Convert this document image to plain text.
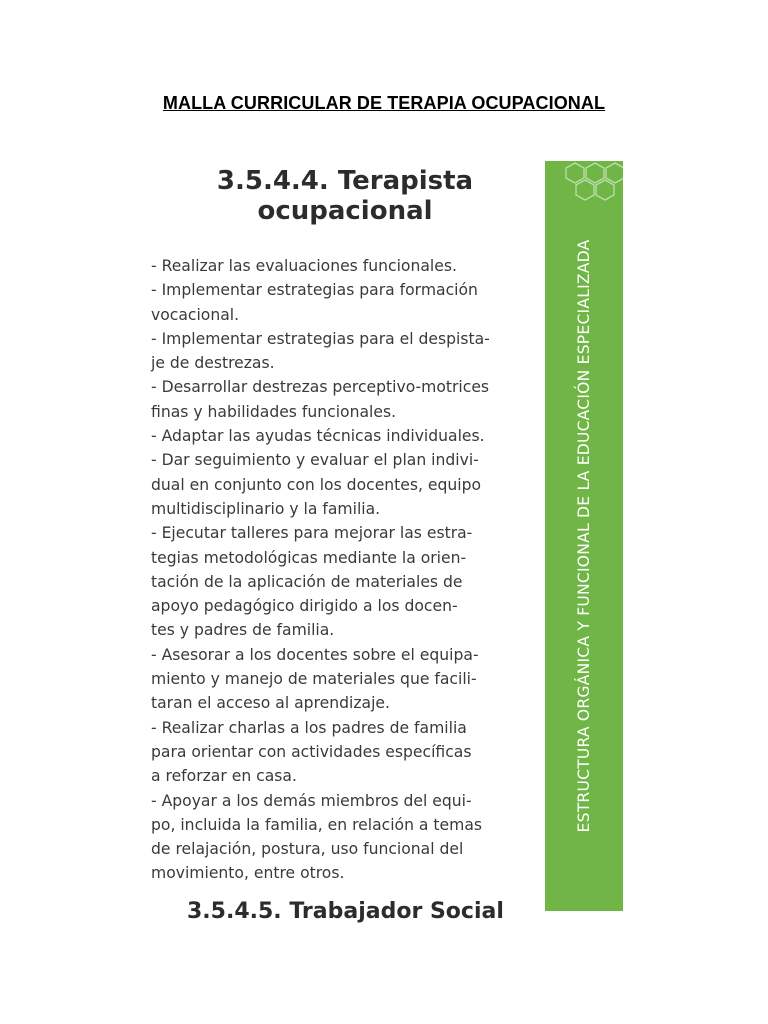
MALLA CURRICULAR DE TERAPIA OCUPACIONAL
3.5.4.4. Terapista
ocupacional

- Realizar las evaluaciones funcionales.
- Implementar estrategias para formación
vocacional.
- Implementar estrategias para el despista-
je de destrezas.
- Desarrollar destrezas perceptivo-motrices
finas y habilidades funcionales.
- Adaptar las ayudas técnicas individuales.
- Dar seguimiento y evaluar el plan indivi-
dual en conjunto con los docentes, equipo
multidisciplinario y la familia.
- Ejecutar talleres para mejorar las estra-
tegias metodológicas mediante la orien-
tación de la aplicación de materiales de
apoyo pedagógico dirigido a los docen-
tes y padres de familia.
- Asesorar a los docentes sobre el equipa-
miento y manejo de materiales que facili-
taran el acceso al aprendizaje.
- Realizar charlas a los padres de familia
para orientar con actividades específicas
a reforzar en casa.
- Apoyar a los demás miembros del equi-
po, incluida la familia, en relación a temas
de relajación, postura, uso funcional del
movimiento, entre otros.

3.5.4.5. Trabajador Social
ESTRUCTURA ORGÁNICA Y FUNCIONAL DE LA EDUCACIÓN ESPECIALIZADA
